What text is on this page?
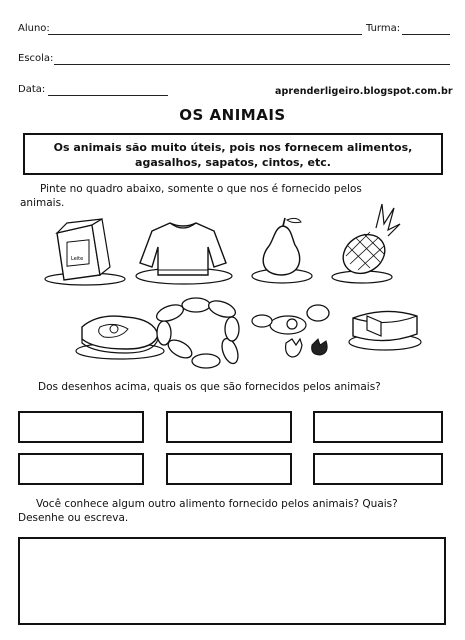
Aluno:	Turma:
Escola:
Data:	aprenderligeiro.blogspot.com.br
OS ANIMAIS
Os animais são muito úteis, pois nos fornecem alimentos,
agasalhos, sapatos, cintos, etc.
Pinte no quadro abaixo, somente o que nos é fornecido pelos
animais.
Leite
Dos desenhos acima, quais os que são fornecidos pelos animais?
Você conhece algum outro alimento fornecido pelos animais? Quais?
Desenhe ou escreva.
